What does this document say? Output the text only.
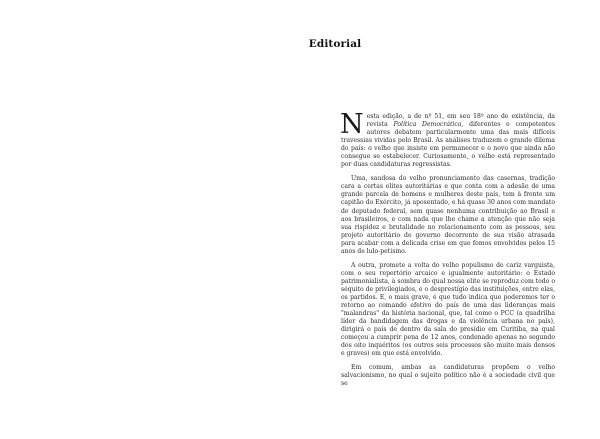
Editorial

Nesta edição, a de nº 51, em seu 18º ano de existência, da revista Política Democrática, diferentes e competentes autores debatem particularmente uma das mais difíceis travessias vividas pelo Brasil. As análises traduzem o grande dilema do país: o velho que insiste em permanecer e o novo que ainda não consegue se estabelecer. Curiosamente, o velho está representado por duas candidaturas regressistas.

Uma, saudosa do velho pronunciamento das casernas, tradição cara a certas elites autoritárias e que conta com a adesão de uma grande parcela de homens e mulheres deste país, tem à frente um capitão do Exército, já aposentado, e há quase 30 anos com mandato de deputado federal, sem quase nenhuma contribuição ao Brasil e aos brasileiros, e com nada que lhe chame a atenção que não seja sua rispidez e brutalidade no relacionamento com as pessoas, seu projeto autoritário de governo decorrente de sua visão atrasada para acabar com a delicada crise em que fomos envolvidos pelos 15 anos de lulo-petismo.

A outra, promete a volta do velho populismo de cariz varguista, com o seu repertório arcaico e igualmente autoritário: o Estado patrimonialista, à sombra do qual nossa elite se reproduz com todo o séquito de privilegiados, e o desprestígio das instituições, entre elas, os partidos. E, o mais grave, é que tudo indica que poderemos ter o retorno ao comando efetivo do país de uma das lideranças mais "malandras" da história nacional, que, tal como o PCC (a quadrilha líder da bandidagem das drogas e da violência urbana no país), dirigirá o país de dentro da sala do presídio em Curitiba, na qual começou a cumprir pena de 12 anos, condenado apenas no segundo dos oito inquéritos (os outros seis processos são muito mais densos e graves) em que está envolvido.

Em comum, ambas as candidaturas propõem o velho salvacionismo, no qual o sujeito político não é a sociedade civil que se
